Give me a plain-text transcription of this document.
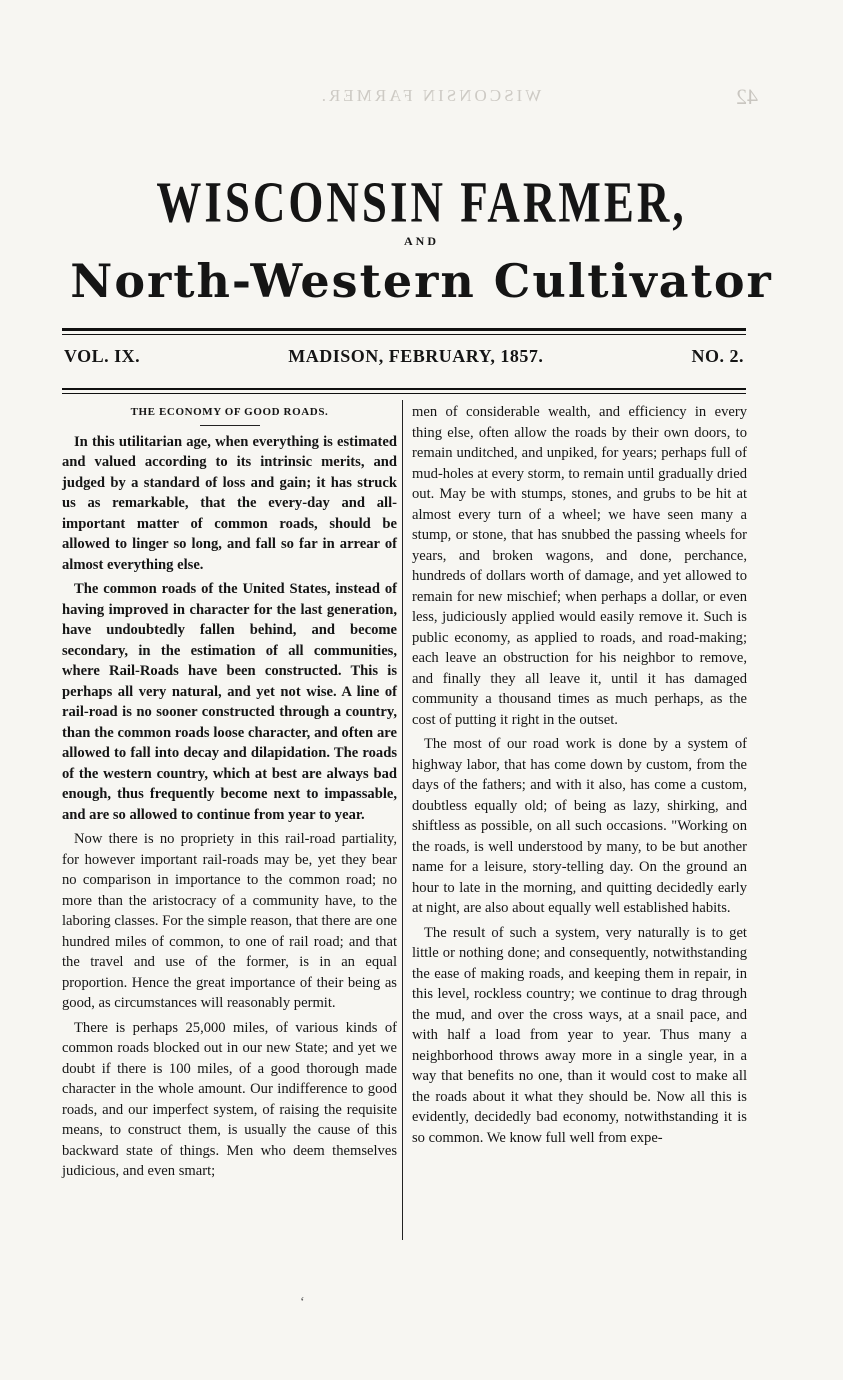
WISCONSIN FARMER.	42
WISCONSIN FARMER,
AND
North-Western Cultivator
VOL. IX.	MADISON, FEBRUARY, 1857.	NO. 2.
THE ECONOMY OF GOOD ROADS.

In this utilitarian age, when everything is estimated and valued according to its intrinsic merits, and judged by a standard of loss and gain; it has struck us as remarkable, that the every-day and all-important matter of common roads, should be allowed to linger so long, and fall so far in arrear of almost everything else.

The common roads of the United States, instead of having improved in character for the last generation, have undoubtedly fallen behind, and become secondary, in the estimation of all communities, where Rail-Roads have been constructed. This is perhaps all very natural, and yet not wise. A line of rail-road is no sooner constructed through a country, than the common roads loose character, and often are allowed to fall into decay and dilapidation. The roads of the western country, which at best are always bad enough, thus frequently become next to impassable, and are so allowed to continue from year to year.

Now there is no propriety in this rail-road partiality, for however important rail-roads may be, yet they bear no comparison in importance to the common road; no more than the aristocracy of a community have, to the laboring classes. For the simple reason, that there are one hundred miles of common, to one of rail road; and that the travel and use of the former, is in an equal proportion. Hence the great importance of their being as good, as circumstances will reasonably permit.

There is perhaps 25,000 miles, of various kinds of common roads blocked out in our new State; and yet we doubt if there is 100 miles, of a good thorough made character in the whole amount. Our indifference to good roads, and our imperfect system, of raising the requisite means, to construct them, is usually the cause of this backward state of things. Men who deem themselves judicious, and even smart;

men of considerable wealth, and efficiency in every thing else, often allow the roads by their own doors, to remain unditched, and unpiked, for years; perhaps full of mud-holes at every storm, to remain until gradually dried out. May be with stumps, stones, and grubs to be hit at almost every turn of a wheel; we have seen many a stump, or stone, that has snubbed the passing wheels for years, and broken wagons, and done, perchance, hundreds of dollars worth of damage, and yet allowed to remain for new mischief; when perhaps a dollar, or even less, judiciously applied would easily remove it. Such is public economy, as applied to roads, and road-making; each leave an obstruction for his neighbor to remove, and finally they all leave it, until it has damaged community a thousand times as much perhaps, as the cost of putting it right in the outset.

The most of our road work is done by a system of highway labor, that has come down by custom, from the days of the fathers; and with it also, has come a custom, doubtless equally old; of being as lazy, shirking, and shiftless as possible, on all such occasions. "Working on the roads, is well understood by many, to be but another name for a leisure, story-telling day. On the ground an hour to late in the morning, and quitting decidedly early at night, are also about equally well established habits.

The result of such a system, very naturally is to get little or nothing done; and consequently, notwithstanding the ease of making roads, and keeping them in repair, in this level, rockless country; we continue to drag through the mud, and over the cross ways, at a snail pace, and with half a load from year to year. Thus many a neighborhood throws away more in a single year, in a way that benefits no one, than it would cost to make all the roads about it what they should be. Now all this is evidently, decidedly bad economy, notwithstanding it is so common. We know full well from expe-

‘
